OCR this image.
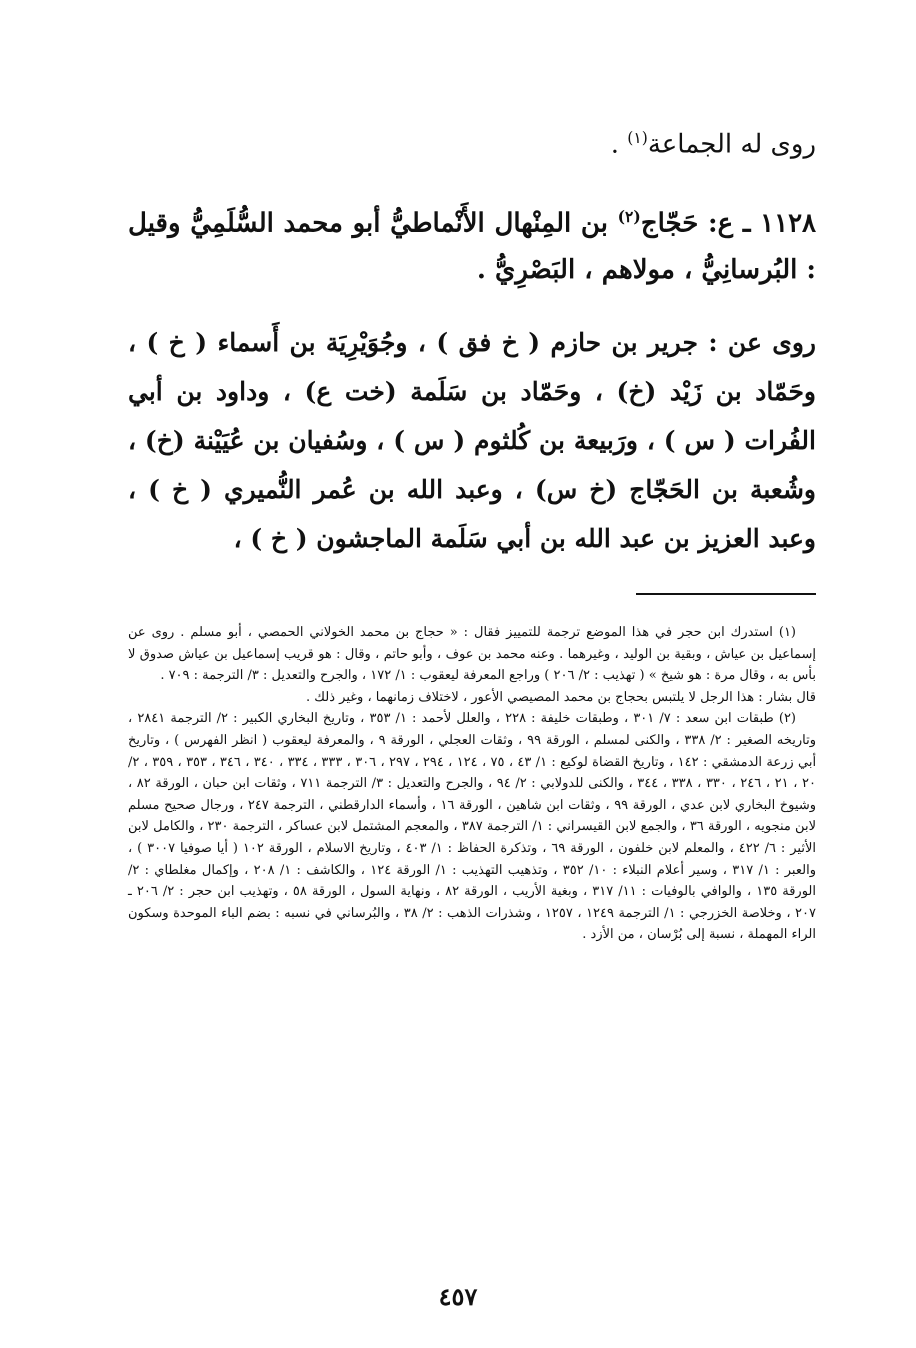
روى له الجماعة$^{(١)}$ .

١١٢٨ ـ ع: حَجّاج$^{(٢)}$ بن المِنْهال الأَنْماطيُّ أبو محمد السُّلَمِيُّ وقيل : البُرسانِيُّ ، مولاهم ، البَصْرِيُّ .

روى عن : جرير بن حازم ( خ فق ) ، وجُوَيْرِيَة بن أَسماء ( خ ) ، وحَمّاد بن زَيْد (خ) ، وحَمّاد بن سَلَمة (خت ع) ، وداود بن أبي الفُرات ( س ) ، ورَبيعة بن كُلثوم ( س ) ، وسُفيان بن عُيَيْنة (خ) ، وشُعبة بن الحَجّاج (خ س) ، وعبد الله بن عُمر النُّميري ( خ ) ، وعبد العزيز بن عبد الله بن أبي سَلَمة الماجشون ( خ ) ،

(١) استدرك ابن حجر في هذا الموضع ترجمة للتمييز فقال : « حجاج بن محمد الخولاني الحمصي ، أبو مسلم . روى عن إسماعيل بن عياش ، وبقية بن الوليد ، وغيرهما . وعنه محمد بن عوف ، وأبو حاتم ، وقال : هو قريب إسماعيل بن عياش صدوق لا بأس به ، وقال مرة : هو شيخ » ( تهذيب : ٢/ ٢٠٦ ) وراجع المعرفة ليعقوب : ١/ ١٧٢ ، والجرح والتعديل : ٣/ الترجمة : ٧٠٩ .

قال بشار : هذا الرجل لا يلتبس بحجاج بن محمد المصيصي الأعور ، لاختلاف زمانهما ، وغير ذلك .

(٢) طبقات ابن سعد : ٧/ ٣٠١ ، وطبقات خليفة : ٢٢٨ ، والعلل لأحمد : ١/ ٣٥٣ ، وتاريخ البخاري الكبير : ٢/ الترجمة ٢٨٤١ ، وتاريخه الصغير : ٢/ ٣٣٨ ، والكنى لمسلم ، الورقة ٩٩ ، وثقات العجلي ، الورقة ٩ ، والمعرفة ليعقوب ( انظر الفهرس ) ، وتاريخ أبي زرعة الدمشقي : ١٤٢ ، وتاريخ القضاة لوكيع : ١/ ٤٣ ، ٧٥ ، ١٢٤ ، ٢٩٤ ، ٢٩٧ ، ٣٠٦ ، ٣٣٣ ، ٣٣٤ ، ٣٤٠ ، ٣٤٦ ، ٣٥٣ ، ٣٥٩ ، ٢/ ٢٠ ، ٢١ ، ٢٤٦ ، ٣٣٠ ، ٣٣٨ ، ٣٤٤ ، والكنى للدولابي : ٢/ ٩٤ ، والجرح والتعديل : ٣/ الترجمة ٧١١ ، وثقات ابن حبان ، الورقة ٨٢ ، وشيوخ البخاري لابن عدي ، الورقة ٩٩ ، وثقات ابن شاهين ، الورقة ١٦ ، وأسماء الدارقطني ، الترجمة ٢٤٧ ، ورجال صحيح مسلم لابن منجويه ، الورقة ٣٦ ، والجمع لابن القيسراني : ١/ الترجمة ٣٨٧ ، والمعجم المشتمل لابن عساكر ، الترجمة ٢٣٠ ، والكامل لابن الأثير : ٦/ ٤٢٢ ، والمعلم لابن خلفون ، الورقة ٦٩ ، وتذكرة الحفاظ : ١/ ٤٠٣ ، وتاريخ الاسلام ، الورقة ١٠٢ ( أيا صوفيا ٣٠٠٧ ) ، والعبر : ١/ ٣١٧ ، وسير أعلام النبلاء : ١٠/ ٣٥٢ ، وتذهيب التهذيب : ١/ الورقة ١٢٤ ، والكاشف : ١/ ٢٠٨ ، وإكمال مغلطاي : ٢/ الورقة ١٣٥ ، والوافي بالوفيات : ١١/ ٣١٧ ، وبغية الأريب ، الورقة ٨٢ ، ونهاية السول ، الورقة ٥٨ ، وتهذيب ابن حجر : ٢/ ٢٠٦ ـ ٢٠٧ ، وخلاصة الخزرجي : ١/ الترجمة ١٢٤٩ ، ١٢٥٧ ، وشذرات الذهب : ٢/ ٣٨ ، والبُرساني في نسبه : بضم الباء الموحدة وسكون الراء المهملة ، نسبة إلى بُرْسان ، من الأزد .

٤٥٧
